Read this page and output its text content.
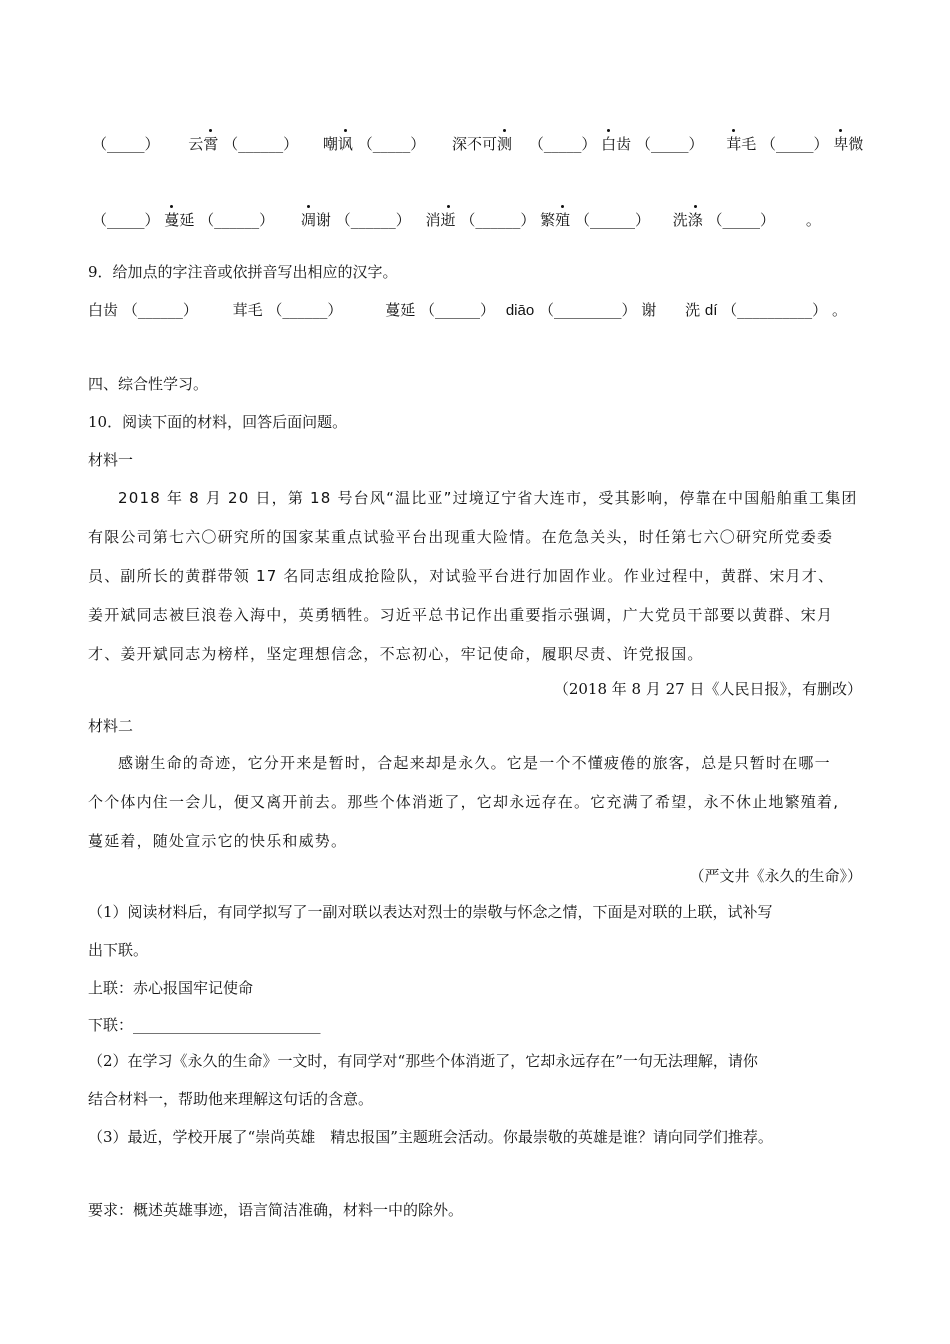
（_____） 云霄 （______） 嘲讽 （_____） 深不可测 （_____） 白齿 （_____） 茸毛 （_____） 卑微
（_____） 蔓延 （______） 凋谢 （______） 消逝 （______） 繁殖 （______） 洗涤 （_____） 。
9．给加点的字注音或依拼音写出相应的汉字。
白齿 （______） 茸毛 （______）	蔓延 （______） diāo （_________） 谢 洗 dí （__________） 。
四、综合性学习。
10．阅读下面的材料，回答后面问题。
材料一
2018 年 8 月 20 日，第 18 号台风“温比亚”过境辽宁省大连市，受其影响，停靠在中国船舶重工集团
有限公司第七六〇研究所的国家某重点试验平台出现重大险情。在危急关头，时任第七六〇研究所党委委
员、副所长的黄群带领 17 名同志组成抢险队，对试验平台进行加固作业。作业过程中，黄群、宋月才、
姜开斌同志被巨浪卷入海中，英勇牺牲。习近平总书记作出重要指示强调，广大党员干部要以黄群、宋月
才、姜开斌同志为榜样，坚定理想信念，不忘初心，牢记使命，履职尽责、许党报国。
（2018 年 8 月 27 日《人民日报》，有删改）
材料二
感谢生命的奇迹，它分开来是暂时，合起来却是永久。它是一个不懂疲倦的旅客，总是只暂时在哪一
个个体内住一会儿，便又离开前去。那些个体消逝了，它却永远存在。它充满了希望，永不休止地繁殖着,
蔓延着，随处宣示它的快乐和威势。
（严文井《永久的生命》）
（1）阅读材料后，有同学拟写了一副对联以表达对烈士的崇敬与怀念之情，下面是对联的上联，试补写
出下联。
上联：赤心报国牢记使命
下联：_________________________
（2）在学习《永久的生命》一文时，有同学对“那些个体消逝了，它却永远存在”一句无法理解，请你
结合材料一，帮助他来理解这句话的含意。
（3）最近，学校开展了“崇尚英雄　精忠报国”主题班会活动。你最崇敬的英雄是谁？请向同学们推荐。
要求：概述英雄事迹，语言简洁准确，材料一中的除外。
